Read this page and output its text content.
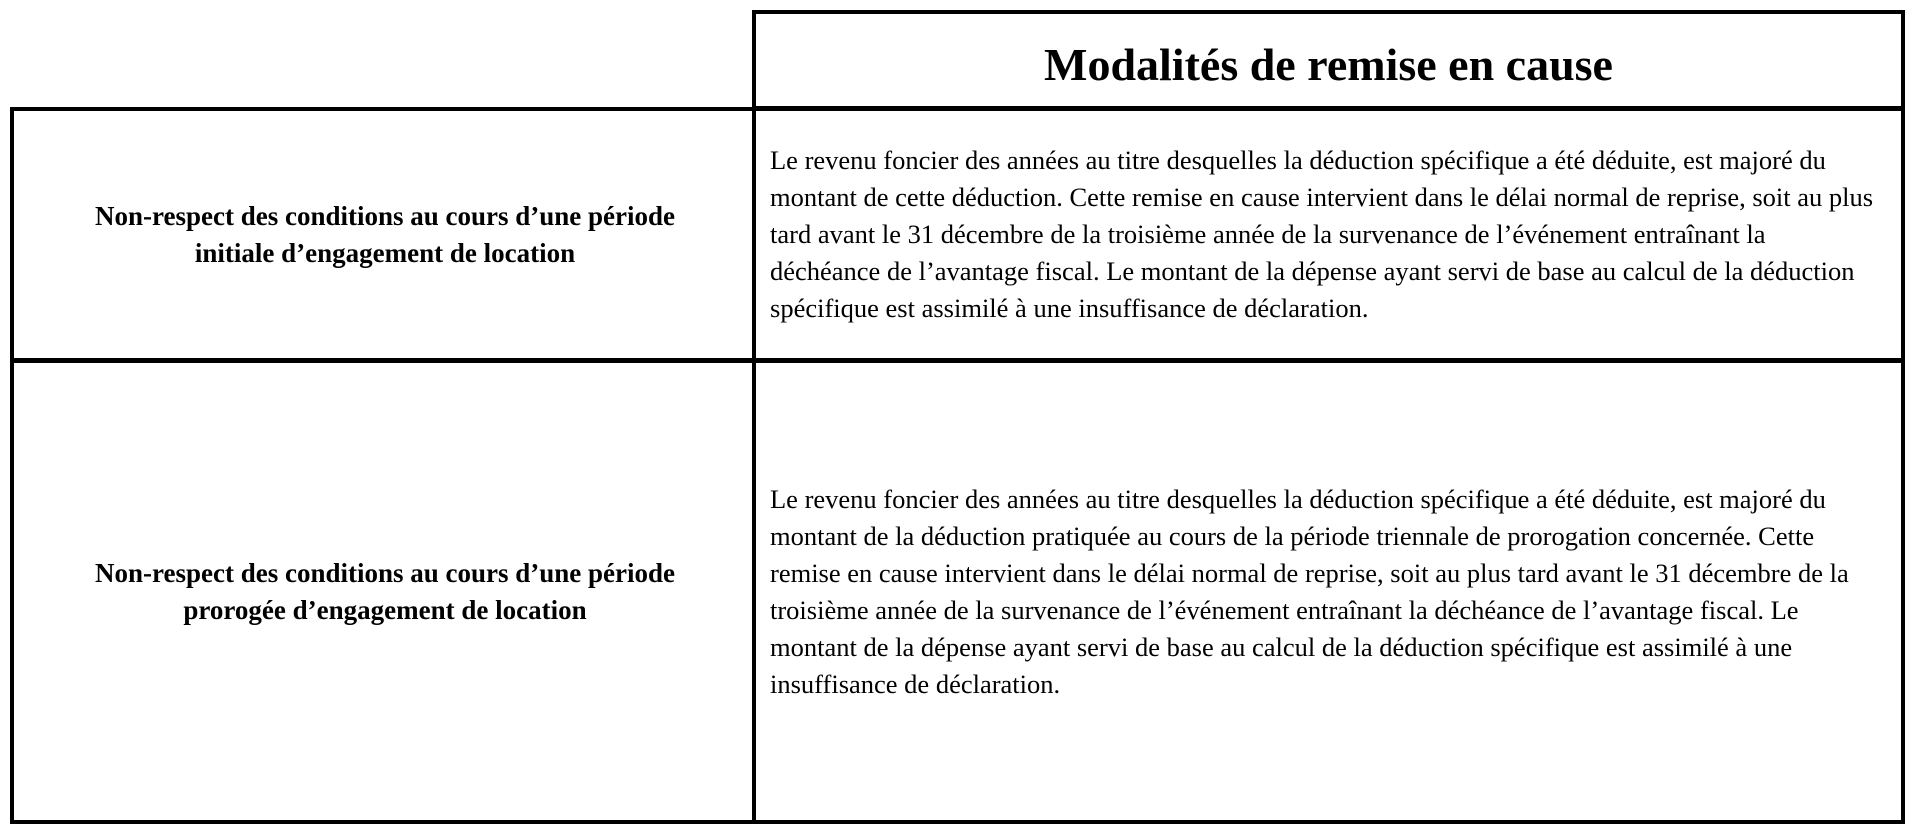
Modalités de remise en cause
Non-respect des conditions au cours d’une période initiale d’engagement de location
Le revenu foncier des années au titre desquelles la déduction spécifique a été déduite, est majoré du montant de cette déduction. Cette remise en cause intervient dans le délai normal de reprise, soit au plus tard avant le 31 décembre de la troisième année de la survenance de l’événement entraînant la déchéance de l’avantage fiscal. Le montant de la dépense ayant servi de base au calcul de la déduction spécifique est assimilé à une insuffisance de déclaration.
Non-respect des conditions au cours d’une période prorogée d’engagement de location
Le revenu foncier des années au titre desquelles la déduction spécifique a été déduite, est majoré du montant de la déduction pratiquée au cours de la période triennale de prorogation concernée. Cette remise en cause intervient dans le délai normal de reprise, soit au plus tard avant le 31 décembre de la troisième année de la survenance de l’événement entraînant la déchéance de l’avantage fiscal. Le montant de la dépense ayant servi de base au calcul de la déduction spécifique est assimilé à une insuffisance de déclaration.
